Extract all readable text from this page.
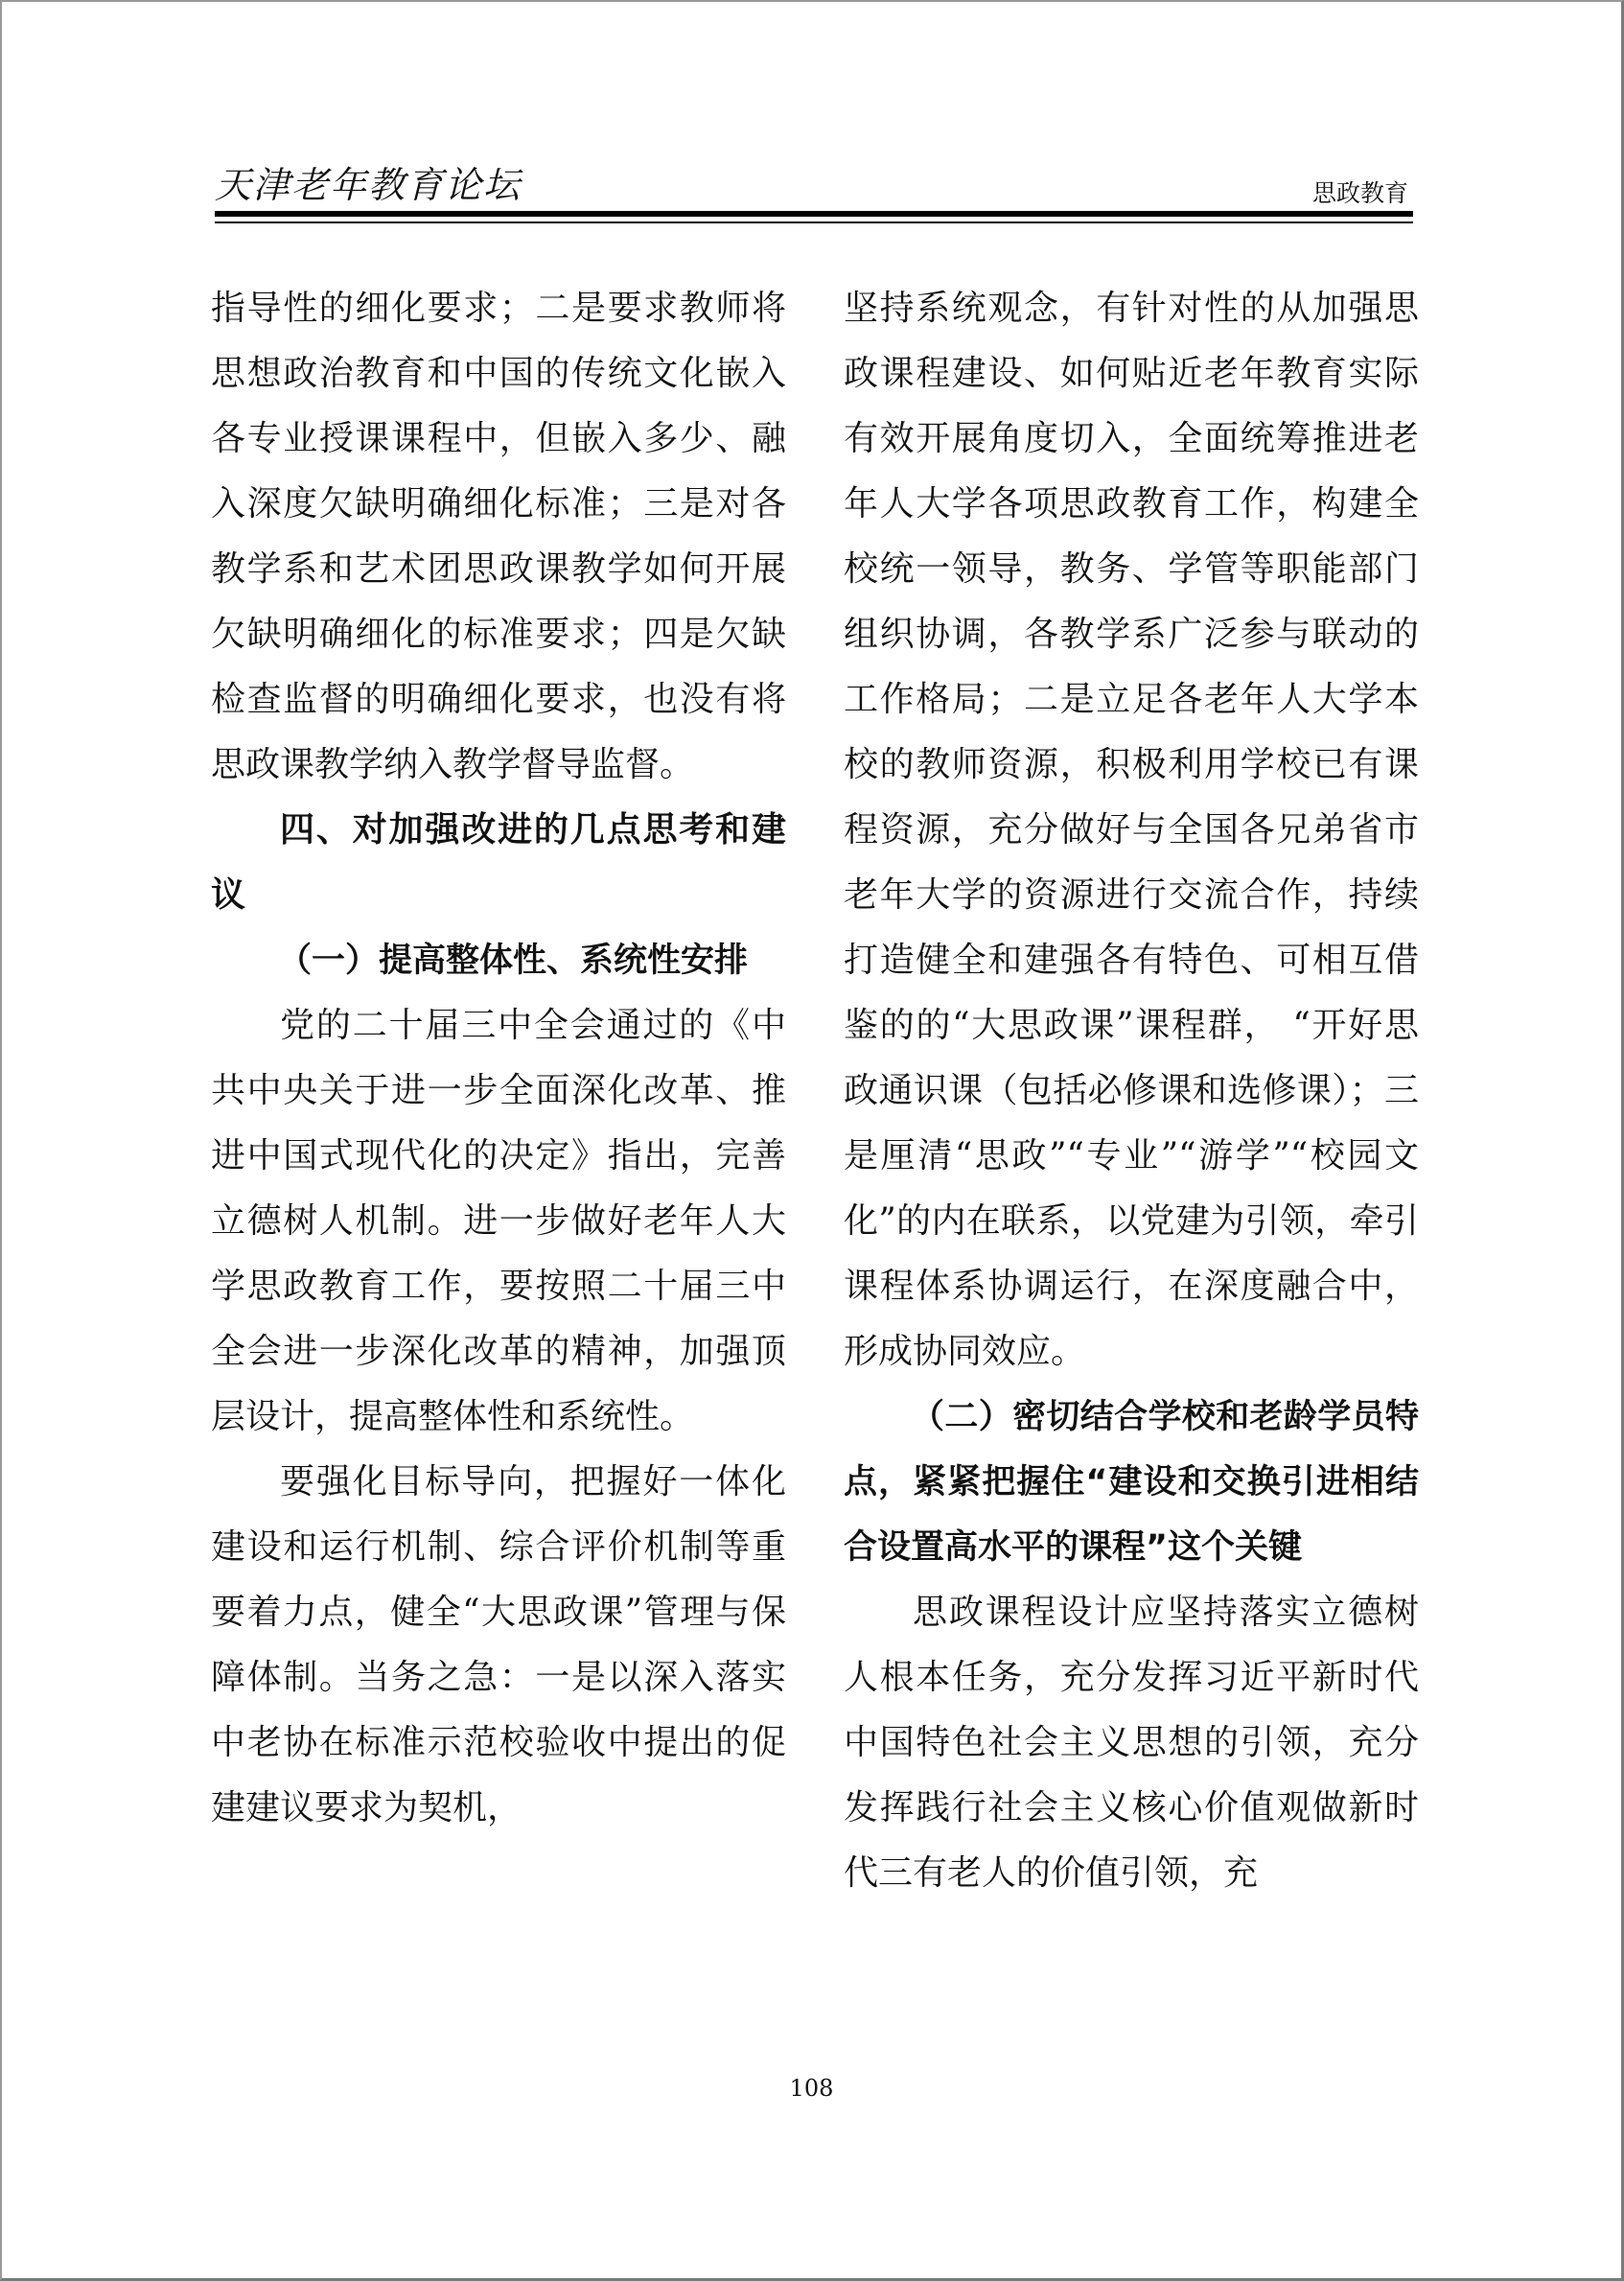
天津老年教育论坛	思政教育

指导性的细化要求；二是要求教师将思想政治教育和中国的传统文化嵌入各专业授课课程中，但嵌入多少、融入深度欠缺明确细化标准；三是对各教学系和艺术团思政课教学如何开展欠缺明确细化的标准要求；四是欠缺检查监督的明确细化要求，也没有将思政课教学纳入教学督导监督。

四、对加强改进的几点思考和建议
（一）提高整体性、系统性安排

党的二十届三中全会通过的《中共中央关于进一步全面深化改革、推进中国式现代化的决定》指出，完善立德树人机制。进一步做好老年人大学思政教育工作，要按照二十届三中全会进一步深化改革的精神，加强顶层设计，提高整体性和系统性。

要强化目标导向，把握好一体化建设和运行机制、综合评价机制等重要着力点，健全“大思政课”管理与保障体制。当务之急：一是以深入落实中老协在标准示范校验收中提出的促建建议要求为契机，

坚持系统观念，有针对性的从加强思政课程建设、如何贴近老年教育实际有效开展角度切入，全面统筹推进老年人大学各项思政教育工作，构建全校统一领导，教务、学管等职能部门组织协调，各教学系广泛参与联动的工作格局；二是立足各老年人大学本校的教师资源，积极利用学校已有课程资源，充分做好与全国各兄弟省市老年大学的资源进行交流合作，持续打造健全和建强各有特色、可相互借鉴的的“大思政课”课程群， “开好思政通识课（包括必修课和选修课）；三是厘清“思政”“专业”“游学”“校园文化”的内在联系，以党建为引领，牵引课程体系协调运行，在深度融合中，形成协同效应。

（二）密切结合学校和老龄学员特点，紧紧把握住“建设和交换引进相结合设置高水平的课程”这个关键

思政课程设计应坚持落实立德树人根本任务，充分发挥习近平新时代中国特色社会主义思想的引领，充分发挥践行社会主义核心价值观做新时代三有老人的价值引领，充

108
